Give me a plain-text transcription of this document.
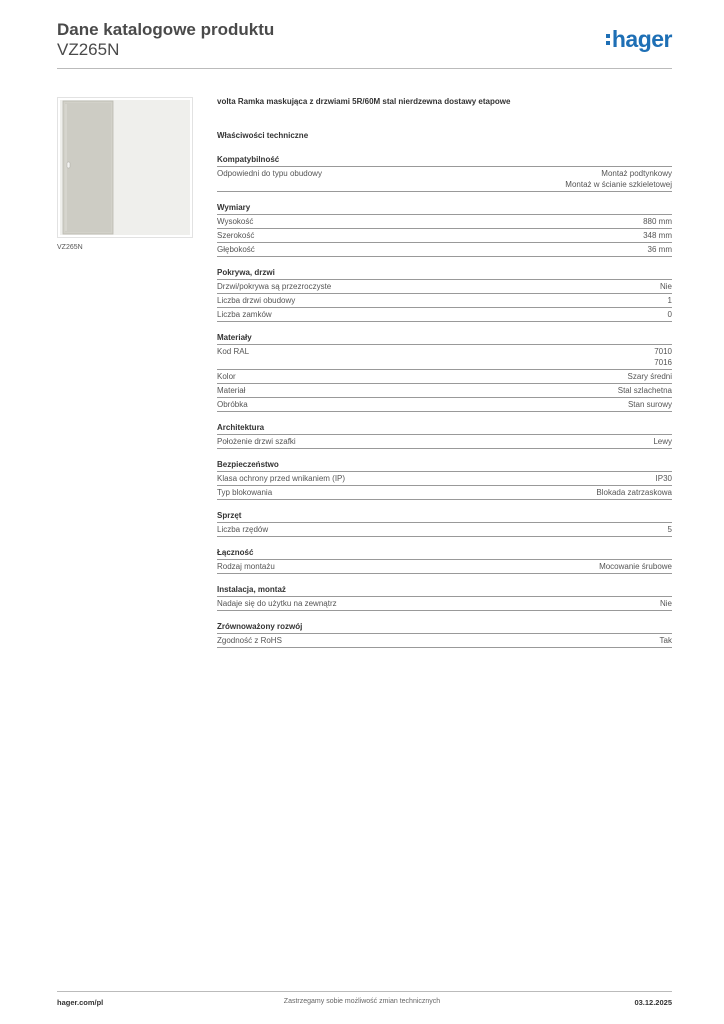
Dane katalogowe produktu
VZ265N	hager
VZ265N
volta Ramka maskująca z drzwiami 5R/60M stal nierdzewna dostawy etapowe
Właściwości techniczne
Kompatybilność
Odpowiedni do typu obudowy	Montaż podtynkowy
Montaż w ścianie szkieletowej
Wymiary
Wysokość	880 mm
Szerokość	348 mm
Głębokość	36 mm
Pokrywa, drzwi
Drzwi/pokrywa są przezroczyste	Nie
Liczba drzwi obudowy	1
Liczba zamków	0
Materiały
Kod RAL	7010
7016
Kolor	Szary średni
Materiał	Stal szlachetna
Obróbka	Stan surowy
Architektura
Położenie drzwi szafki	Lewy
Bezpieczeństwo
Klasa ochrony przed wnikaniem (IP)	IP30
Typ blokowania	Blokada zatrzaskowa
Sprzęt
Liczba rzędów	5
Łączność
Rodzaj montażu	Mocowanie śrubowe
Instalacja, montaż
Nadaje się do użytku na zewnątrz	Nie
Zrównoważony rozwój
Zgodność z RoHS	Tak
hager.com/pl	Zastrzegamy sobie możliwość zmian technicznych	03.12.2025
